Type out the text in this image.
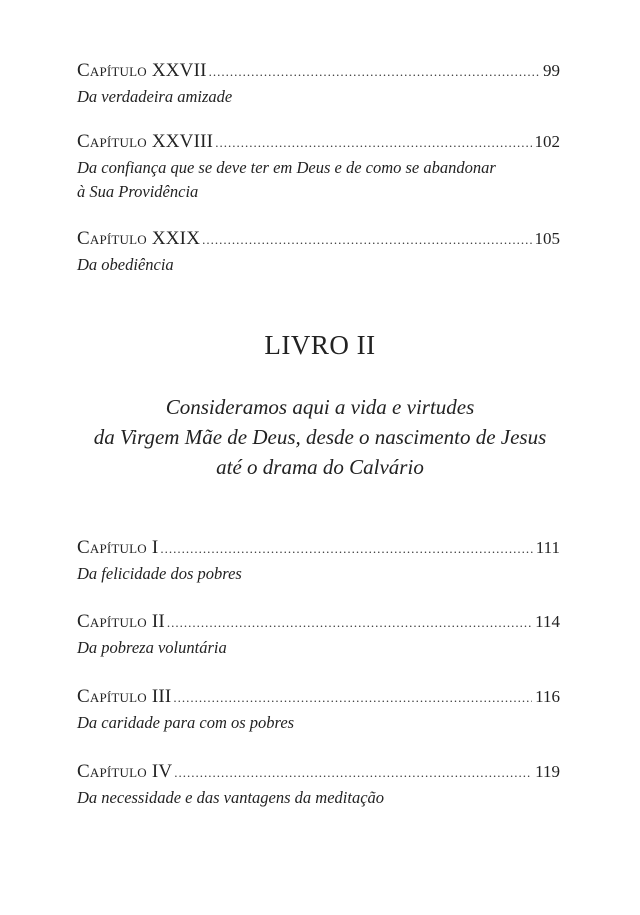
Capítulo XXVII .....	99
Da verdadeira amizade
Capítulo XXVIII .....	102
Da confiança que se deve ter em Deus e de como se abandonar
à Sua Providência
Capítulo XXIX .....	105
Da obediência
LIVRO II
Consideramos aqui a vida e virtudes
da Virgem Mãe de Deus, desde o nascimento de Jesus
até o drama do Calvário
Capítulo I .....	111
Da felicidade dos pobres
Capítulo II .....	114
Da pobreza voluntária
Capítulo III .....	116
Da caridade para com os pobres
Capítulo IV .....	119
Da necessidade e das vantagens da meditação
